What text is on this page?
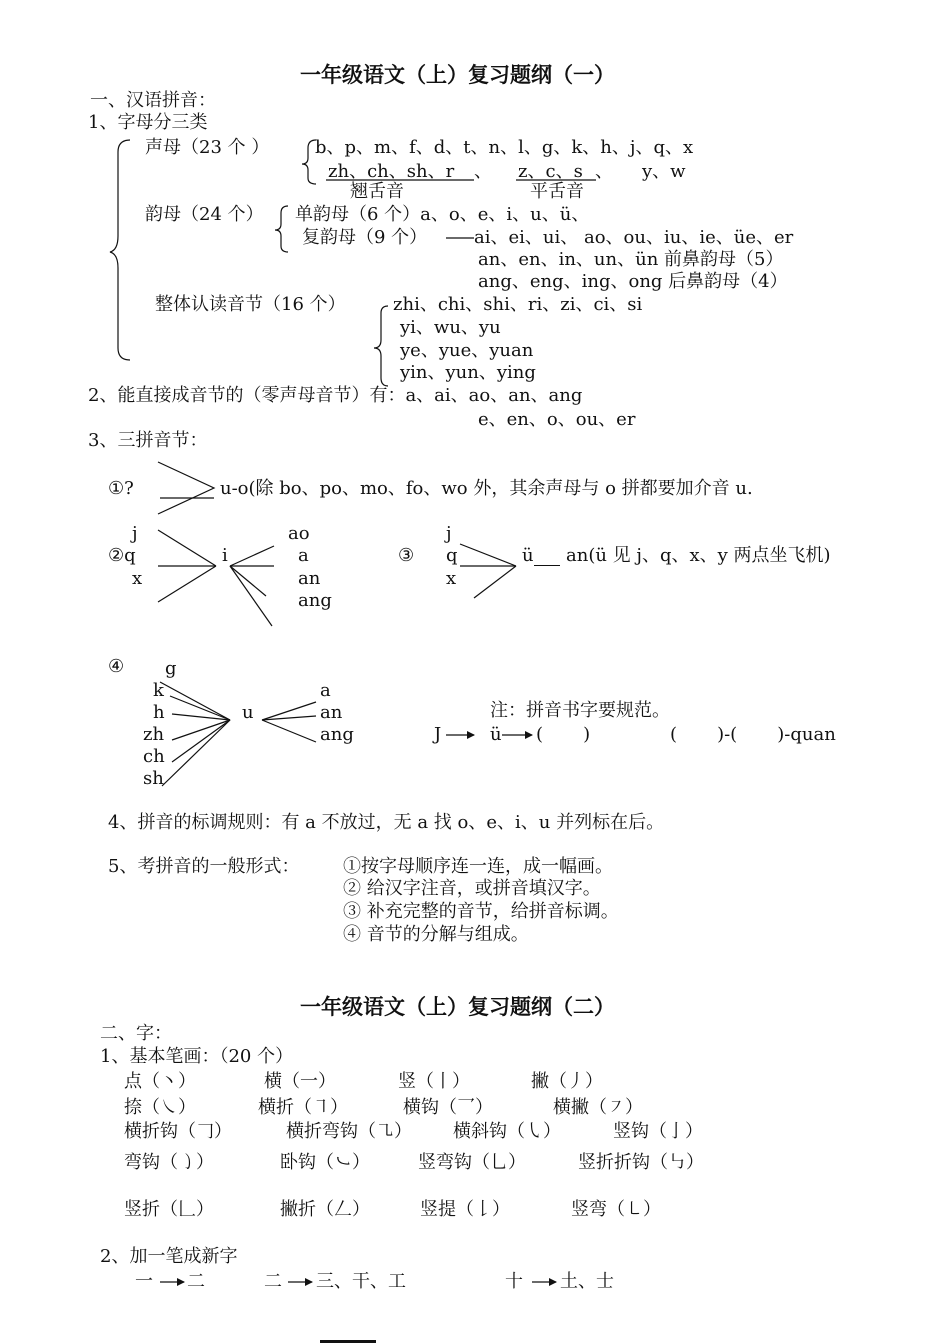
一年级语文（上）复习题纲（一）
一、汉语拼音：
1、字母分三类
声母（23 个 ）	b、p、m、f、d、t、n、l、g、k、h、j、q、x
zh、ch、sh、r 、 z、c、s 、 y、w
翘舌音	平舌音
韵母（24 个） 单韵母（6 个）a、o、e、i、u、ü、
复韵母（9 个）	ai、ei、ui、 ao、ou、iu、ie、üe、er
an、en、in、un、ün 前鼻韵母（5）
ang、eng、ing、ong 后鼻韵母（4）
整体认读音节（16 个）	zhi、chi、shi、ri、zi、ci、si
yi、wu、yu
ye、yue、yuan
yin、yun、ying
2、能直接成音节的（零声母音节）有：a、ai、ao、an、ang
e、en、o、ou、er
3、三拼音节：
①?	u-o(除 bo、po、mo、fo、wo 外，其余声母与 o 拼都要加介音 u.
j
②q
x
i
ao
a
an
ang
③
j
q
x
ü an(ü 见 j、q、x、y 两点坐飞机)
④ g
k
h
zh
ch
sh
u
a
an
ang
注：拼音书字要规范。
J	ü (       )	(       )-(       )-quan
4、拼音的标调规则：有 a 不放过，无 a 找 o、e、i、u 并列标在后。
5、考拼音的一般形式： ①按字母顺序连一连，成一幅画。
② 给汉字注音，或拼音填汉字。
③ 补充完整的音节，给拼音标调。
④ 音节的分解与组成。
一年级语文（上）复习题纲（二）
二、字：
1、基本笔画：（20 个）
点（丶）	横（一）	竖（丨）	撇（丿）
捺（㇏）	横折（㇕）	横钩（乛）	横撇（㇇）
横折钩（𠃌）	横折弯钩（㇈） 横斜钩（㇂）	竖钩（亅）
弯钩（㇁）	卧钩（㇃）	竖弯钩（乚）	竖折折钩（㇉）
竖折（𠃊）	撇折（𠃋）	竖提（𠄌）	竖弯（㇄）
2、加一笔成新字
一 二	二 三、干、工	十 土、士
